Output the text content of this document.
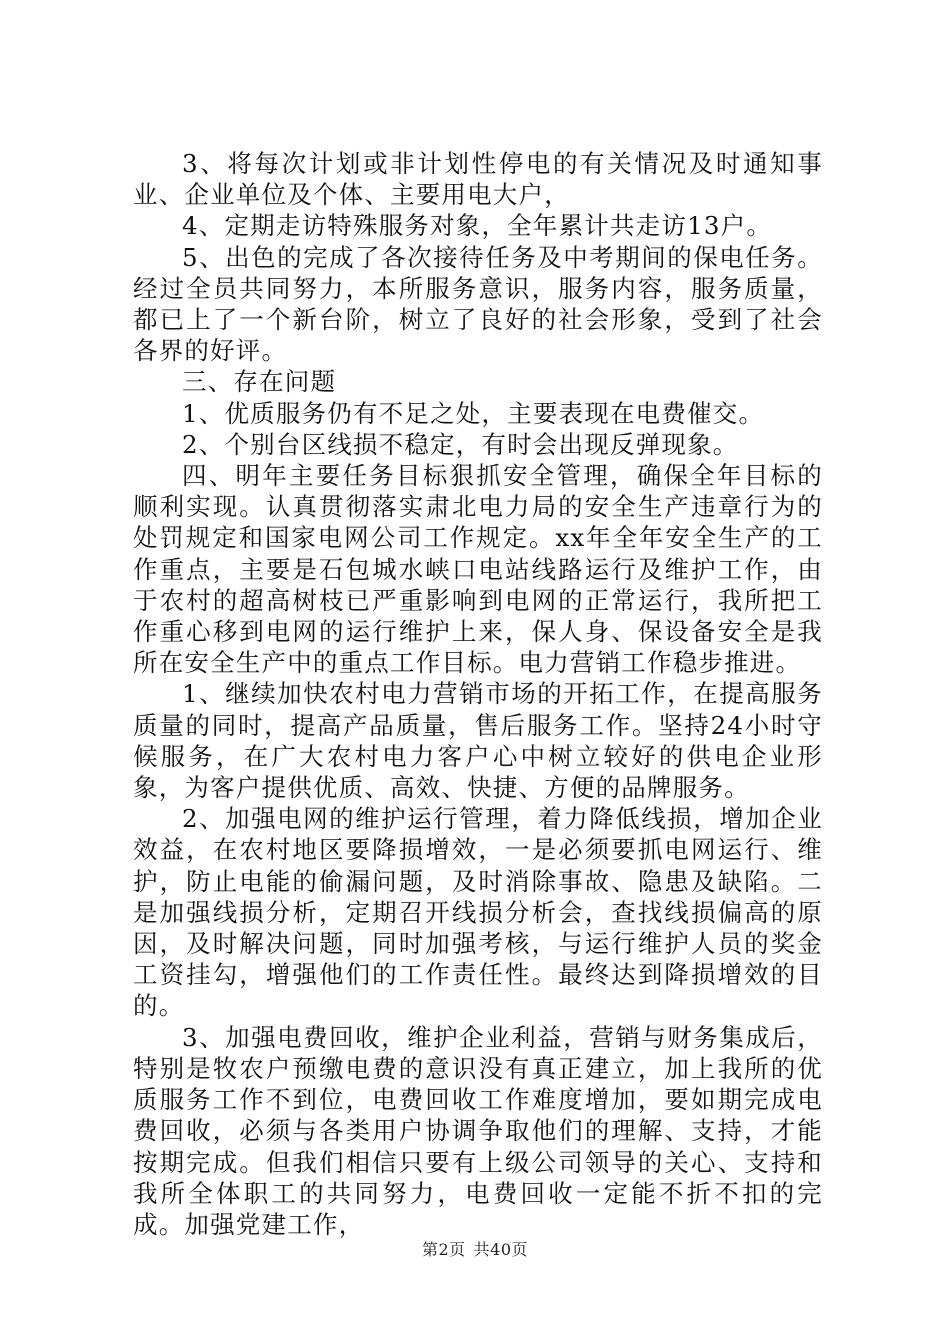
3、将每次计划或非计划性停电的有关情况及时通知事业、企业单位及个体、主要用电大户，

4、定期走访特殊服务对象，全年累计共走访13户。

5、出色的完成了各次接待任务及中考期间的保电任务。经过全员共同努力，本所服务意识，服务内容，服务质量，都已上了一个新台阶，树立了良好的社会形象，受到了社会各界的好评。

三、存在问题

1、优质服务仍有不足之处，主要表现在电费催交。

2、个别台区线损不稳定，有时会出现反弹现象。

四、明年主要任务目标狠抓安全管理，确保全年目标的顺利实现。认真贯彻落实肃北电力局的安全生产违章行为的处罚规定和国家电网公司工作规定。xx年全年安全生产的工作重点，主要是石包城水峡口电站线路运行及维护工作，由于农村的超高树枝已严重影响到电网的正常运行，我所把工作重心移到电网的运行维护上来，保人身、保设备安全是我所在安全生产中的重点工作目标。电力营销工作稳步推进。

1、继续加快农村电力营销市场的开拓工作，在提高服务质量的同时，提高产品质量，售后服务工作。坚持24小时守候服务，在广大农村电力客户心中树立较好的供电企业形象，为客户提供优质、高效、快捷、方便的品牌服务。

2、加强电网的维护运行管理，着力降低线损，增加企业效益，在农村地区要降损增效，一是必须要抓电网运行、维护，防止电能的偷漏问题，及时消除事故、隐患及缺陷。二是加强线损分析，定期召开线损分析会，查找线损偏高的原因，及时解决问题，同时加强考核，与运行维护人员的奖金工资挂勾，增强他们的工作责任性。最终达到降损增效的目的。

3、加强电费回收，维护企业利益，营销与财务集成后，特别是牧农户预缴电费的意识没有真正建立，加上我所的优质服务工作不到位，电费回收工作难度增加，要如期完成电费回收，必须与各类用户协调争取他们的理解、支持，才能按期完成。但我们相信只要有上级公司领导的关心、支持和我所全体职工的共同努力，电费回收一定能不折不扣的完成。加强党建工作，

第2页 共40页
